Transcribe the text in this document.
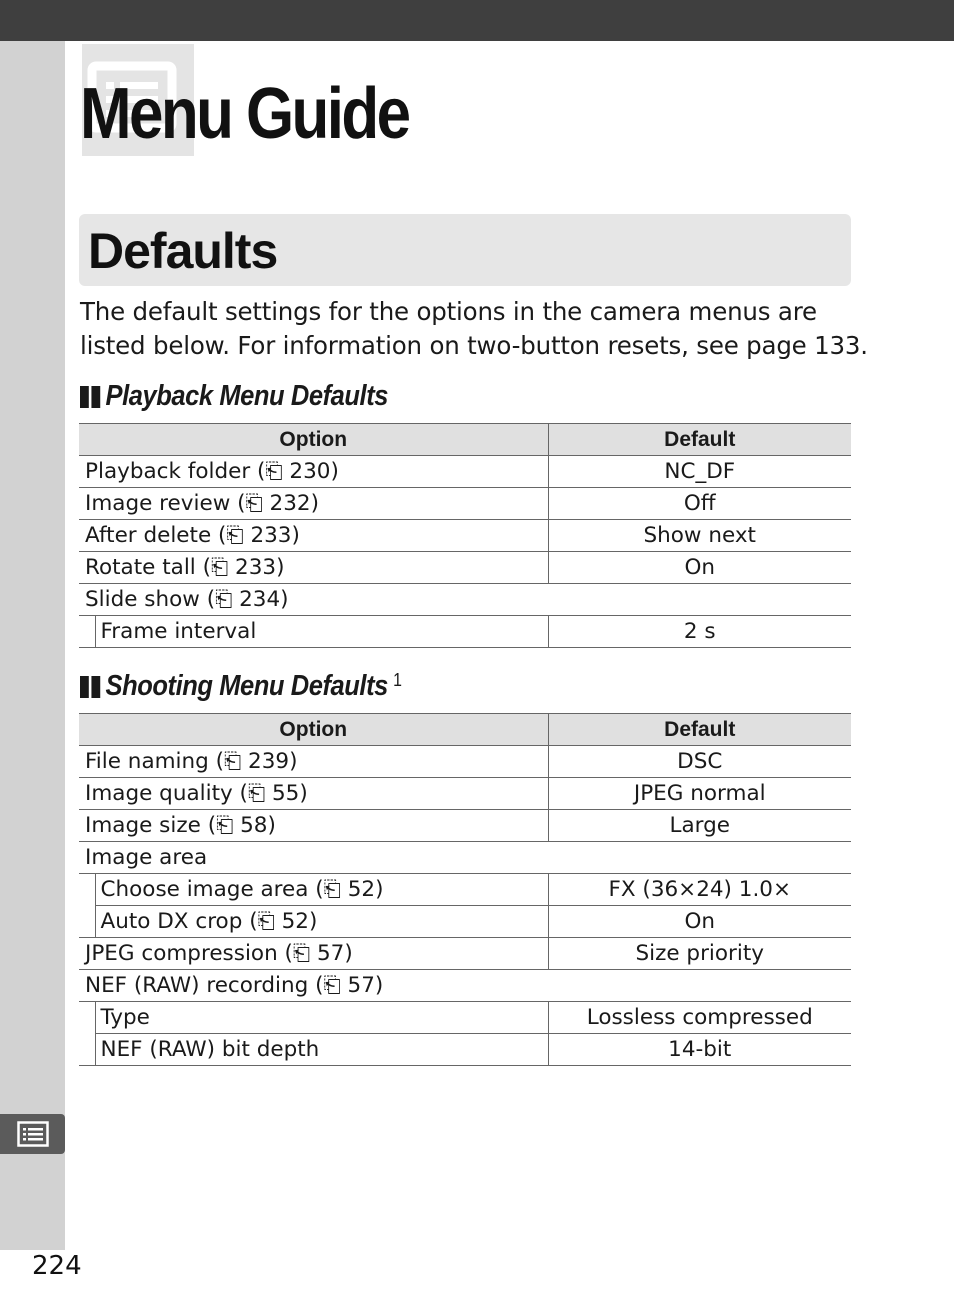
Menu Guide
Defaults

The default settings for the options in the camera menus are listed below. For information on two-button resets, see page 133.

Playback Menu Defaults
Option		Default
Playback folder (⎗ 230)		NC_DF
Image review (⎗ 232)		Off
After delete (⎗ 233)		Show next
Rotate tall (⎗ 233)		On
Slide show (⎗ 234)		
	Frame interval	2 s
Shooting Menu Defaults $^1$
Option		Default
File naming (⎗ 239)		DSC
Image quality (⎗ 55)		JPEG normal
Image size (⎗ 58)		Large
Image area		
	Choose image area (⎗ 52)	FX (36×24) 1.0×
	Auto DX crop (⎗ 52)	On
JPEG compression (⎗ 57)		Size priority
NEF (RAW) recording (⎗ 57)		
	Type	Lossless compressed
	NEF (RAW) bit depth	14-bit
224
